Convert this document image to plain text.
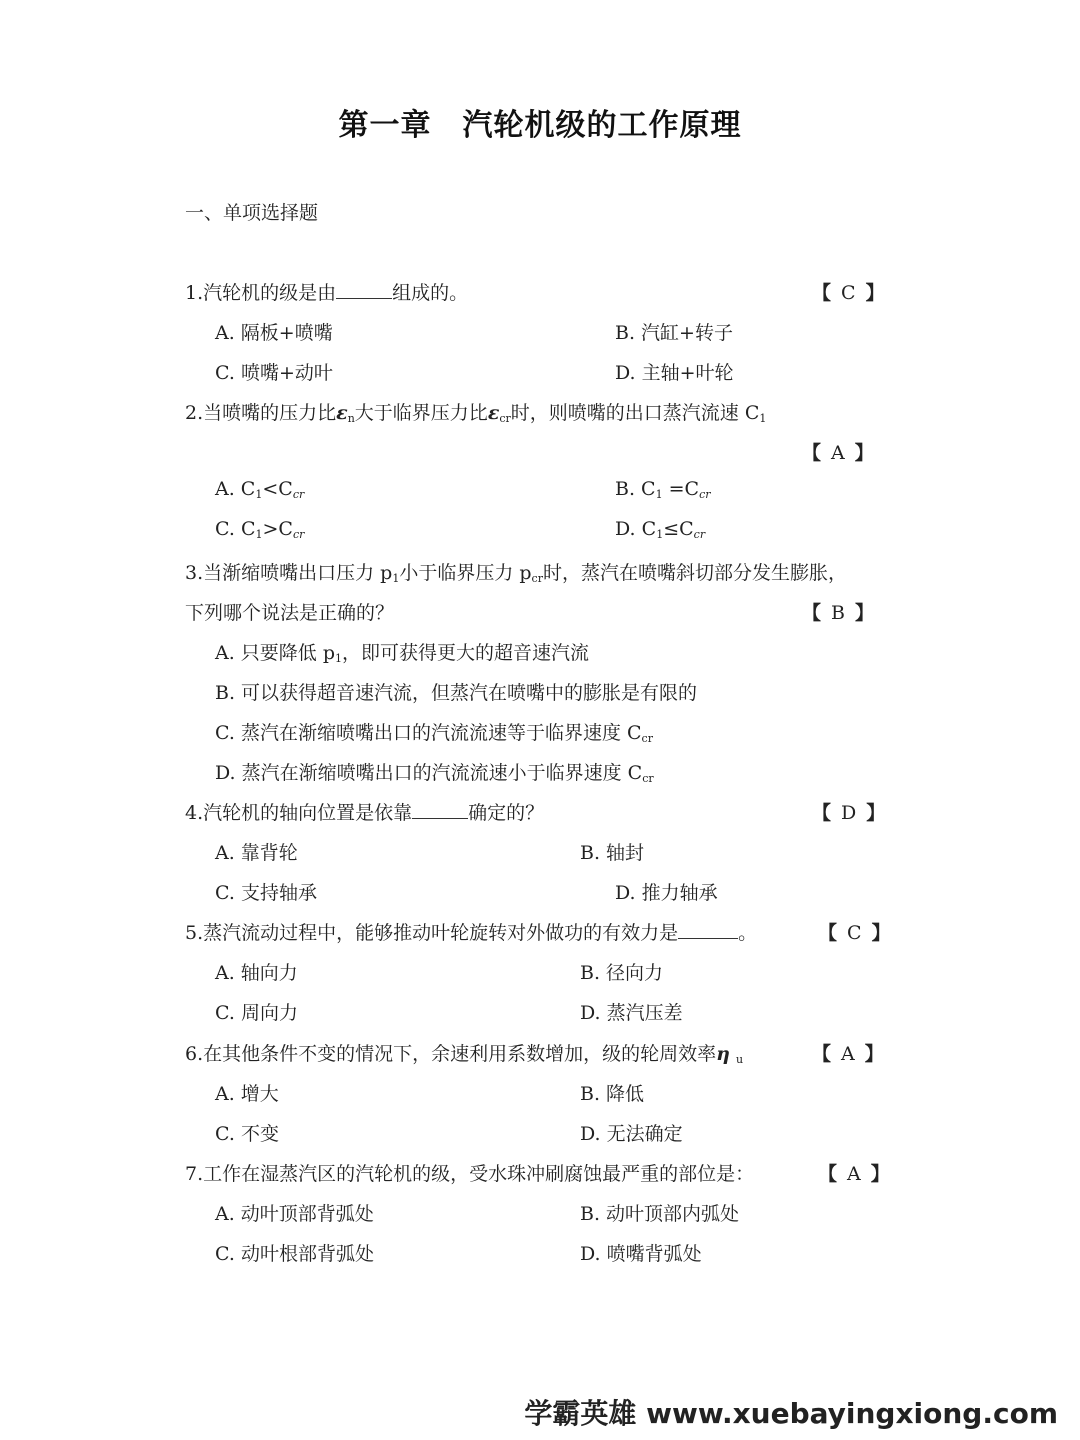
第一章　汽轮机级的工作原理
一、单项选择题
1.汽轮机的级是由	组成的。	【 C 】
A. 隔板+喷嘴	B. 汽缸+转子
C. 喷嘴+动叶	D. 主轴+叶轮
2.当喷嘴的压力比$\varepsilon_n$大于临界压力比$\varepsilon_{cr}$时，则喷嘴的出口蒸汽流速 $C_1$
【 A 】
A. $C_1<C_{cr}$	B. $C_1 =C_{cr}$
C. $C_1>C_{cr}$	D. $C_1\le C_{cr}$
3.当渐缩喷嘴出口压力 $p_1$小于临界压力 $p_{cr}$时，蒸汽在喷嘴斜切部分发生膨胀，
下列哪个说法是正确的？	【 B 】
A. 只要降低 $p_1$，即可获得更大的超音速汽流
B. 可以获得超音速汽流，但蒸汽在喷嘴中的膨胀是有限的
C. 蒸汽在渐缩喷嘴出口的汽流流速等于临界速度 $C_{cr}$
D. 蒸汽在渐缩喷嘴出口的汽流流速小于临界速度 $C_{cr}$
4.汽轮机的轴向位置是依靠	确定的？	【 D 】
A. 靠背轮	B. 轴封
C. 支持轴承	D. 推力轴承
5.蒸汽流动过程中，能够推动叶轮旋转对外做功的有效力是	。	【 C 】
A. 轴向力	B. 径向力
C. 周向力	D. 蒸汽压差
6.在其他条件不变的情况下，余速利用系数增加，级的轮周效率η $_u$	【 A 】
A. 增大	B. 降低
C. 不变	D. 无法确定
7.工作在湿蒸汽区的汽轮机的级，受水珠冲刷腐蚀最严重的部位是：	【 A 】
A. 动叶顶部背弧处	B. 动叶顶部内弧处
C. 动叶根部背弧处	D. 喷嘴背弧处
学霸英雄 www.xuebayingxiong.com
